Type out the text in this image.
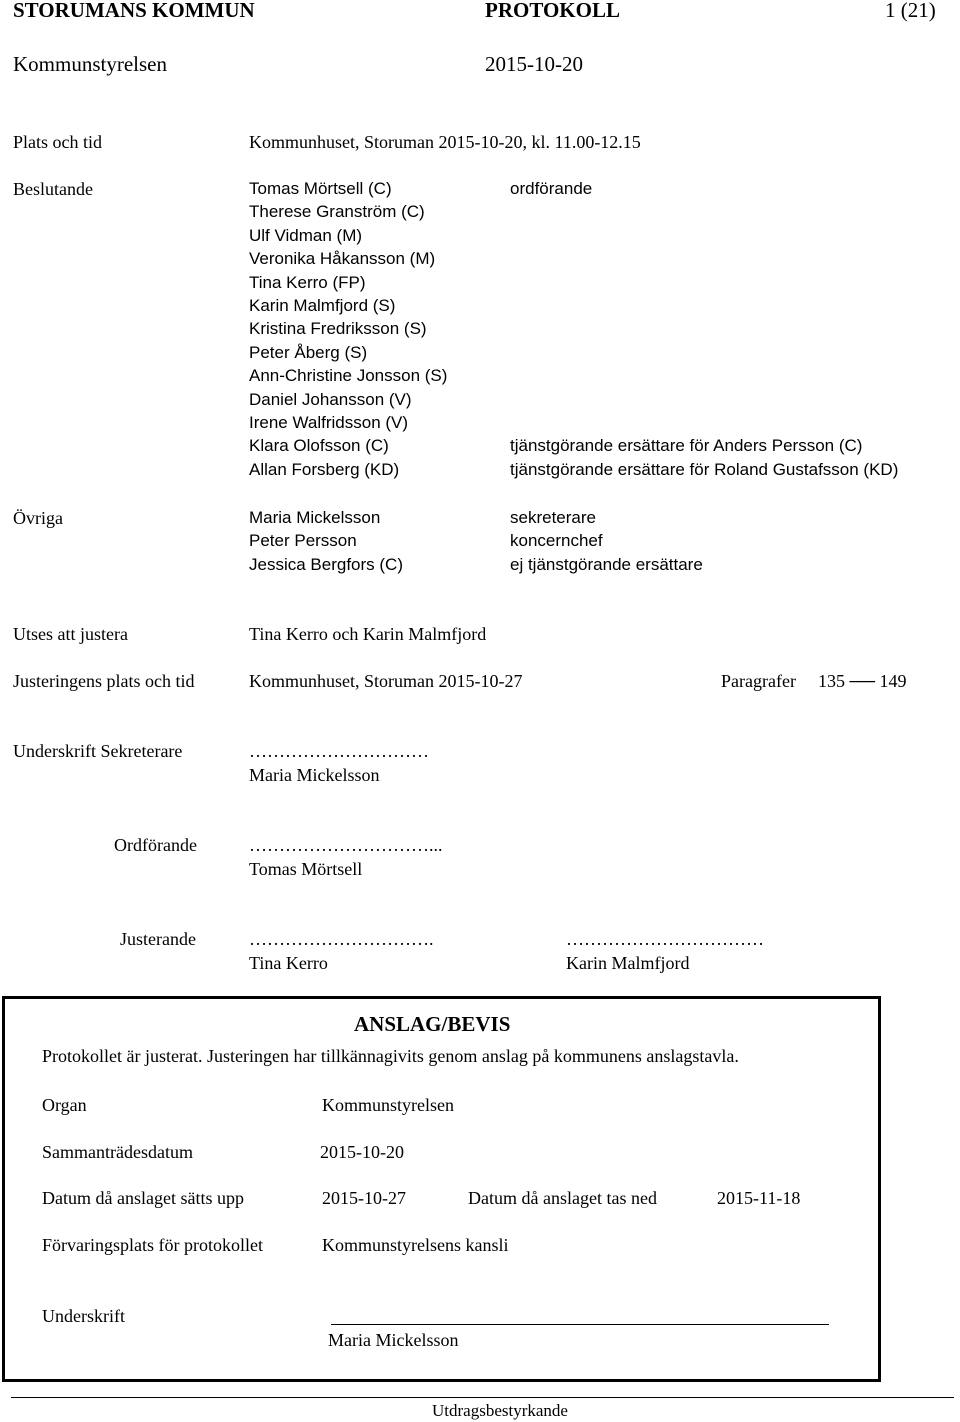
STORUMANS KOMMUN	PROTOKOLL	1 (21)
Kommunstyrelsen	2015-10-20
Plats och tid	Kommunhuset, Storuman 2015-10-20, kl. 11.00-12.15
Beslutande	Tomas Mörtsell (C)	ordförande
Therese Granström (C)
Ulf Vidman (M)
Veronika Håkansson (M)
Tina Kerro (FP)
Karin Malmfjord (S)
Kristina Fredriksson (S)
Peter Åberg (S)
Ann-Christine Jonsson (S)
Daniel Johansson (V)
Irene Walfridsson (V)
Klara Olofsson (C)	tjänstgörande ersättare för Anders Persson (C)
Allan Forsberg (KD)	tjänstgörande ersättare för Roland Gustafsson (KD)
Övriga	Maria Mickelsson	sekreterare
Peter Persson	koncernchef
Jessica Bergfors (C)	ej tjänstgörande ersättare
Utses att justera	Tina Kerro och Karin Malmfjord
Justeringens plats och tid	Kommunhuset, Storuman 2015-10-27	Paragrafer 135 ── 149
Underskrift Sekreterare	…………………………
Maria Mickelsson
Ordförande	…………………………...
Tomas Mörtsell
Justerande	………………………….
Tina Kerro
……………………………
Karin Malmfjord
ANSLAG/BEVIS
Protokollet är justerat. Justeringen har tillkännagivits genom anslag på kommunens anslagstavla.
Organ	Kommunstyrelsen
Sammanträdesdatum	2015-10-20
Datum då anslaget sätts upp	2015-10-27	Datum då anslaget tas ned	2015-11-18
Förvaringsplats för protokollet	Kommunstyrelsens kansli
Underskrift
Maria Mickelsson
Utdragsbestyrkande
